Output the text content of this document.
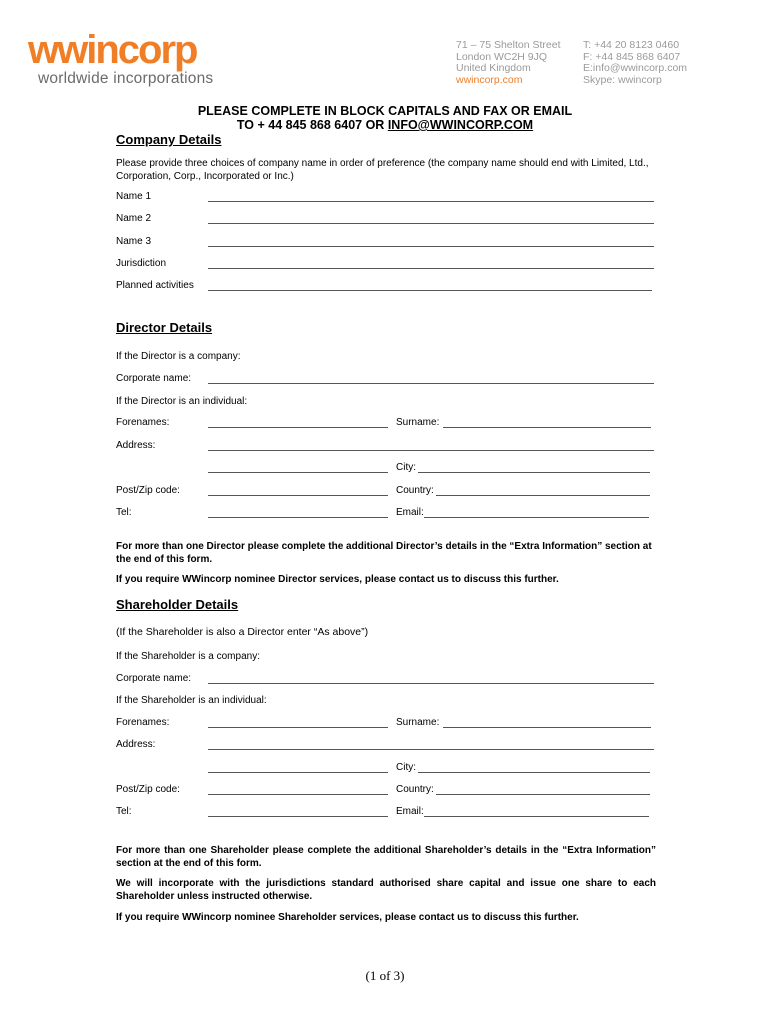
wwincorp
worldwide incorporations
71 – 75 Shelton Street
London WC2H 9JQ
United Kingdom
wwincorp.com
T: +44 20 8123 0460
F: +44 845 868 6407
E:info@wwincorp.com
Skype: wwincorp
PLEASE COMPLETE IN BLOCK CAPITALS AND FAX OR EMAIL
TO + 44 845 868 6407 OR INFO@WWINCORP.COM
Company Details
Please provide three choices of company name in order of preference (the company name should end with Limited, Ltd., Corporation, Corp., Incorporated or Inc.)
Name 1
Name 2
Name 3
Jurisdiction
Planned activities
Director Details
If the Director is a company:
Corporate name:
If the Director is an individual:
Forenames:	Surname:
Address:
City:
Post/Zip code:	Country:
Tel:	Email:
For more than one Director please complete the additional Director’s details in the “Extra Information” section at the end of this form.
If you require WWincorp nominee Director services, please contact us to discuss this further.
Shareholder Details
(If the Shareholder is also a Director enter “As above”)
If the Shareholder is a company:
Corporate name:
If the Shareholder is an individual:
Forenames:	Surname:
Address:
City:
Post/Zip code:	Country:
Tel:	Email:
For more than one Shareholder please complete the additional Shareholder’s details in the “Extra Information” section at the end of this form.
We will incorporate with the jurisdictions standard authorised share capital and issue one share to each Shareholder unless instructed otherwise.
If you require WWincorp nominee Shareholder services, please contact us to discuss this further.
(1 of 3)
